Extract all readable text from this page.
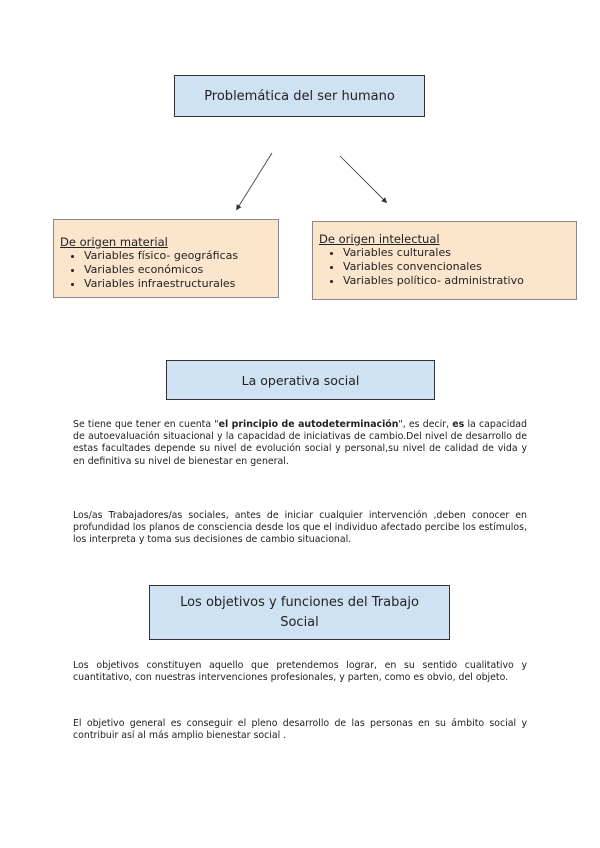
Problemática del ser humano
De origen material
• Variables físico- geográficas
• Variables económicos
• Variables infraestructurales
De origen intelectual
• Variables culturales
• Variables convencionales
• Variables político- administrativo
La operativa social

Se tiene que tener en cuenta "el principio de autodeterminación", es decir, es la capacidad de autoevaluación situacional y la capacidad de iniciativas de cambio.Del nivel de desarrollo de estas facultades depende su nivel de evolución social y personal,su nivel de calidad de vida y en definitiva su nivel de bienestar en general.

Los/as Trabajadores/as sociales, antes de iniciar cualquier intervención ,deben conocer en profundidad los planos de consciencia desde los que el individuo afectado percibe los estímulos, los interpreta y toma sus decisiones de cambio situacional.

Los objetivos y funciones del Trabajo Social

Los objetivos constituyen aquello que pretendemos lograr, en su sentido cualitativo y cuantitativo, con nuestras intervenciones profesionales, y parten, como es obvio, del objeto.

El objetivo general es conseguir el pleno desarrollo de las personas en su ámbito social y contribuir así al más amplio bienestar social .
